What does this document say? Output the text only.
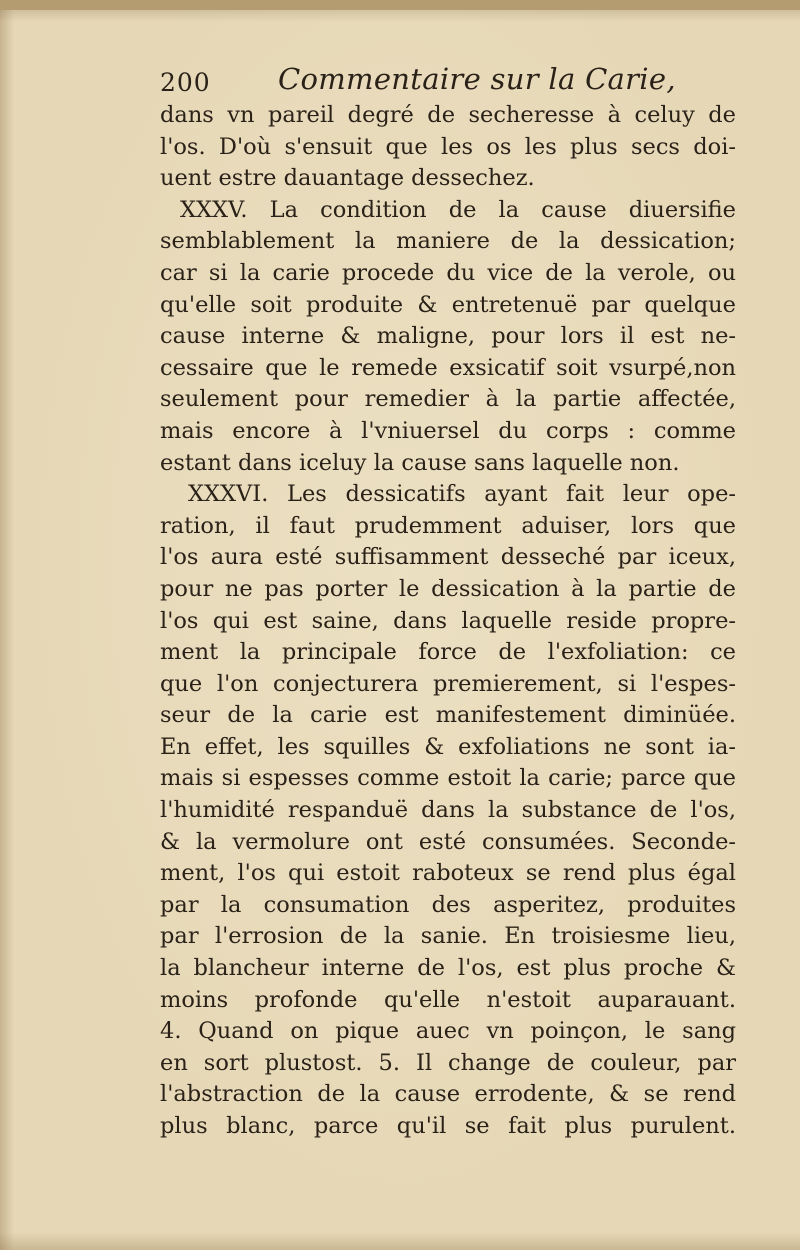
200 Commentaire sur la Carie,
dans vn pareil degré de secheresse à celuy de
l'os. D'où s'ensuit que les os les plus secs doi-
uent estre dauantage dessechez.
XXXV. La condition de la cause diuersifie
semblablement la maniere de la dessication;
car si la carie procede du vice de la verole, ou
qu'elle soit produite & entretenuë par quelque
cause interne & maligne, pour lors il est ne-
cessaire que le remede exsicatif soit vsurpé,non
seulement pour remedier à la partie affectée,
mais encore à l'vniuersel du corps : comme
estant dans iceluy la cause sans laquelle non.
XXXVI. Les dessicatifs ayant fait leur ope-
ration, il faut prudemment aduiser, lors que
l'os aura esté suffisamment desseché par iceux,
pour ne pas porter le dessication à la partie de
l'os qui est saine, dans laquelle reside propre-
ment la principale force de l'exfoliation: ce
que l'on conjecturera premierement, si l'espes-
seur de la carie est manifestement diminüée.
En effet, les squilles & exfoliations ne sont ia-
mais si espesses comme estoit la carie; parce que
l'humidité respanduë dans la substance de l'os,
& la vermolure ont esté consumées. Seconde-
ment, l'os qui estoit raboteux se rend plus égal
par la consumation des asperitez, produites
par l'errosion de la sanie. En troisiesme lieu,
la blancheur interne de l'os, est plus proche &
moins profonde qu'elle n'estoit auparauant.
4. Quand on pique auec vn poinçon, le sang
en sort plustost. 5. Il change de couleur, par
l'abstraction de la cause errodente, & se rend
plus blanc, parce qu'il se fait plus purulent.
